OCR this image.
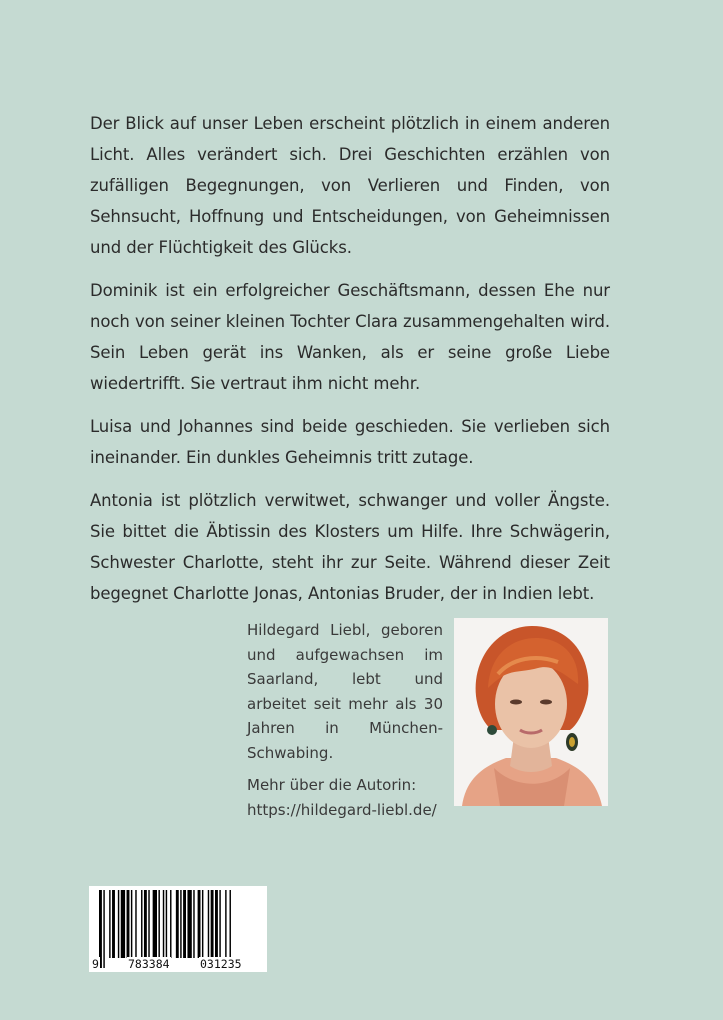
Der Blick auf unser Leben erscheint plötzlich in einem anderen Licht. Alles verändert sich. Drei Geschichten erzählen von zufälligen Begegnungen, von Verlieren und Finden, von Sehnsucht, Hoffnung und Entscheidungen, von Geheimnissen und der Flüchtigkeit des Glücks.

Dominik ist ein erfolgreicher Geschäftsmann, dessen Ehe nur noch von seiner kleinen Tochter Clara zusammengehalten wird. Sein Leben gerät ins Wanken, als er seine große Liebe wiedertrifft. Sie vertraut ihm nicht mehr.

Luisa und Johannes sind beide geschieden. Sie verlieben sich ineinander. Ein dunkles Geheimnis tritt zutage.

Antonia ist plötzlich verwitwet, schwanger und voller Ängste. Sie bittet die Äbtissin des Klosters um Hilfe. Ihre Schwägerin, Schwester Charlotte, steht ihr zur Seite. Während dieser Zeit begegnet Charlotte Jonas, Antonias Bruder, der in Indien lebt.

Hildegard Liebl, geboren und aufgewachsen im Saarland, lebt und arbeitet seit mehr als 30 Jahren in München-Schwabing.

Mehr über die Autorin:

https://hildegard-liebl.de/

9	783384	031235
